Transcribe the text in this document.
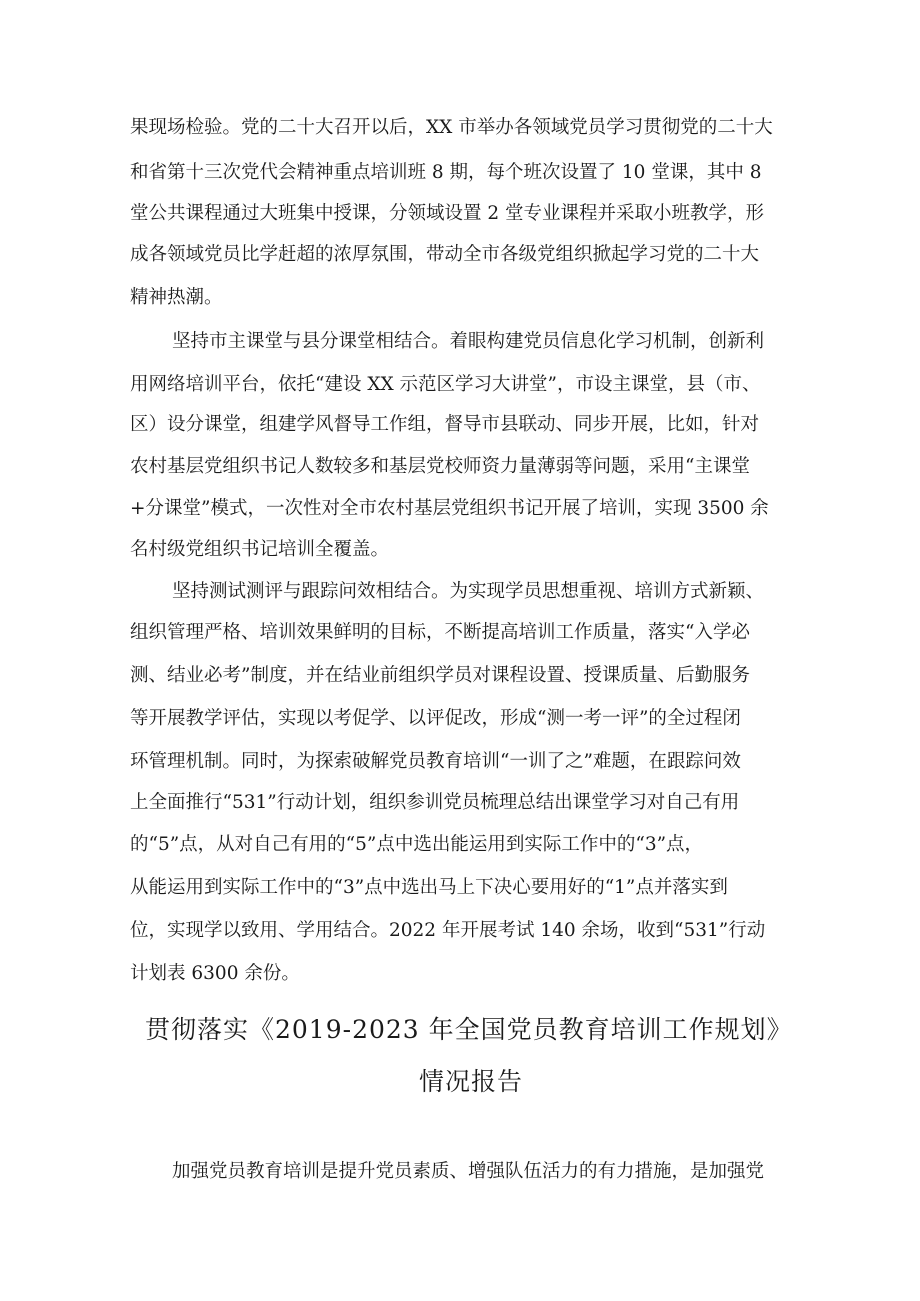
果现场检验。党的二十大召开以后，XX 市举办各领域党员学习贯彻党的二十大
和省第十三次党代会精神重点培训班 8 期，每个班次设置了 10 堂课，其中 8
堂公共课程通过大班集中授课，分领域设置 2 堂专业课程并采取小班教学，形
成各领域党员比学赶超的浓厚氛围，带动全市各级党组织掀起学习党的二十大
精神热潮。
坚持市主课堂与县分课堂相结合。着眼构建党员信息化学习机制，创新利
用网络培训平台，依托“建设 XX 示范区学习大讲堂”，市设主课堂，县（市、
区）设分课堂，组建学风督导工作组，督导市县联动、同步开展，比如，针对
农村基层党组织书记人数较多和基层党校师资力量薄弱等问题，采用“主课堂
+分课堂”模式，一次性对全市农村基层党组织书记开展了培训，实现 3500 余
名村级党组织书记培训全覆盖。
坚持测试测评与跟踪问效相结合。为实现学员思想重视、培训方式新颖、
组织管理严格、培训效果鲜明的目标，不断提高培训工作质量，落实“入学必
测、结业必考”制度，并在结业前组织学员对课程设置、授课质量、后勤服务
等开展教学评估，实现以考促学、以评促改，形成“测一考一评”的全过程闭
环管理机制。同时，为探索破解党员教育培训“一训了之”难题，在跟踪问效
上全面推行“531”行动计划，组织参训党员梳理总结出课堂学习对自己有用
的“5”点，从对自己有用的“5”点中选出能运用到实际工作中的“3”点，
从能运用到实际工作中的“3”点中选出马上下决心要用好的“1”点并落实到
位，实现学以致用、学用结合。2022 年开展考试 140 余场，收到“531”行动
计划表 6300 余份。
贯彻落实《2019-2023 年全国党员教育培训工作规划》
情况报告
加强党员教育培训是提升党员素质、增强队伍活力的有力措施，是加强党
